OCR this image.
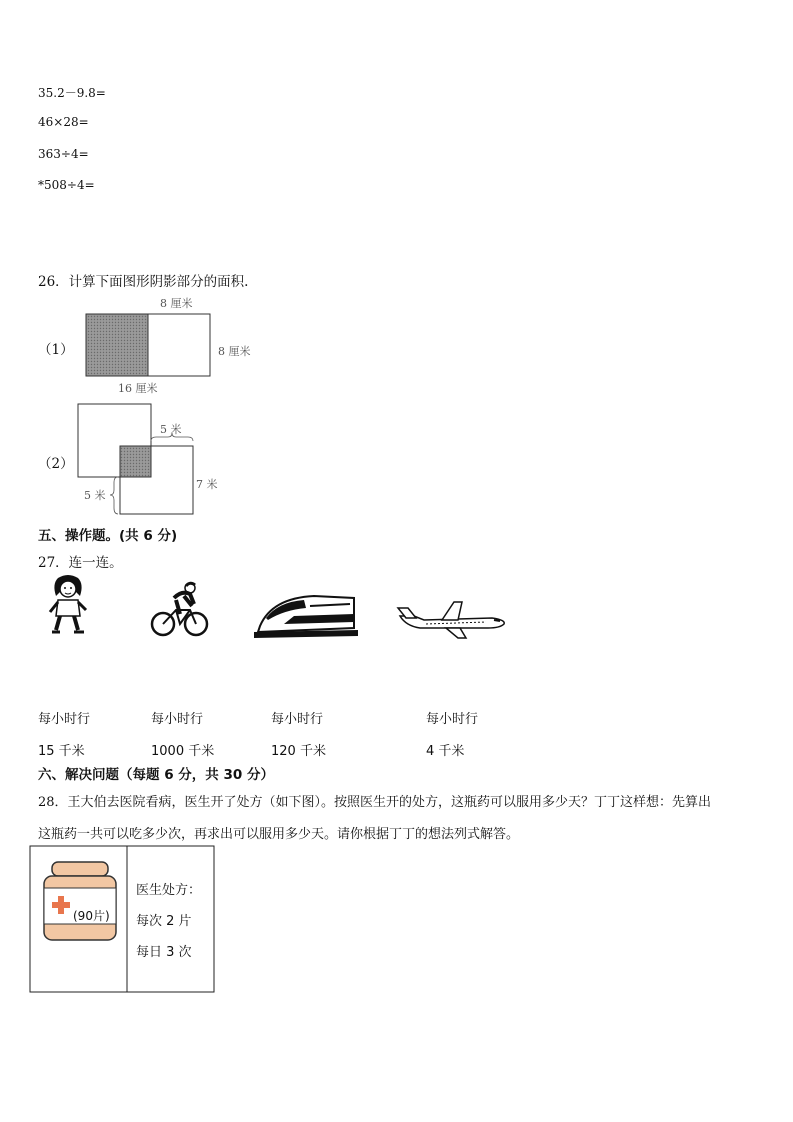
35.2－9.8=
46×28=
363÷4=
*508÷4=
26．计算下面图形阴影部分的面积.
（1）
8 厘米
8 厘米
16 厘米
（2）
5 米
5 米
7 米
五、操作题。(共 6 分)
27．连一连。
每小时行	每小时行	每小时行	每小时行
15 千米	1000 千米	120 千米	4 千米
六、解决问题（每题 6 分，共 30 分）
28．王大伯去医院看病，医生开了处方（如下图）。按照医生开的处方，这瓶药可以服用多少天？丁丁这样想：先算出
这瓶药一共可以吃多少次，再求出可以服用多少天。请你根据丁丁的想法列式解答。
(90片)
医生处方：
每次 2 片
每日 3 次
